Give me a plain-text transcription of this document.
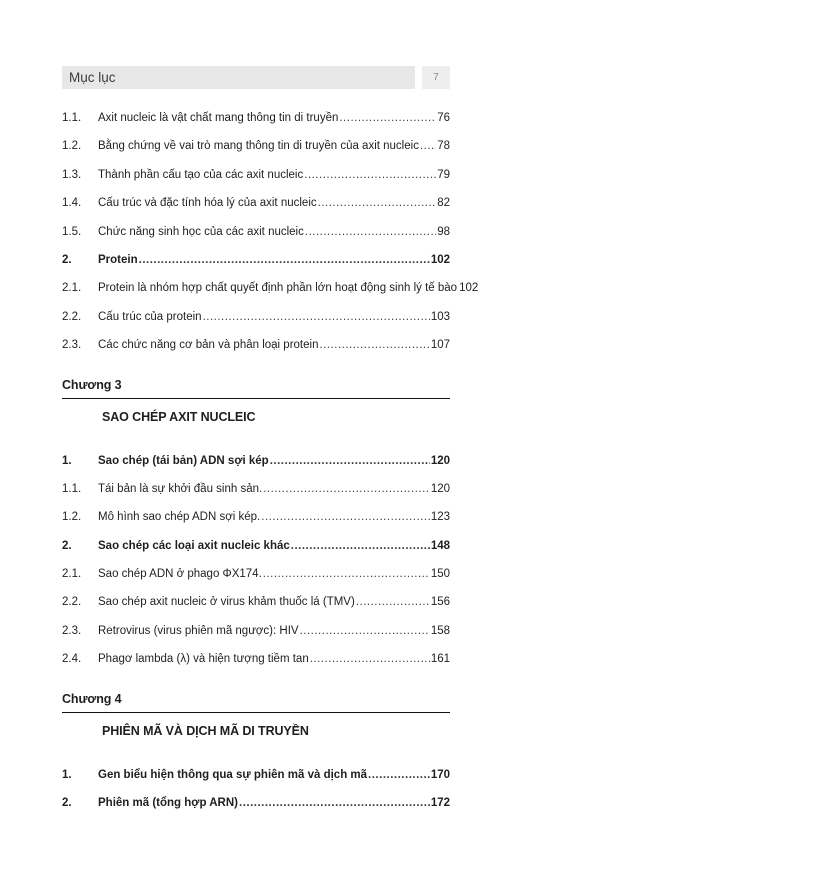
Mục lục	7
1.1.	Axit nucleic là vật chất mang thông tin di truyền .....	76
1.2.	Bằng chứng về vai trò mang thông tin di truyền của axit nucleic ..... 78
1.3.	Thành phần cấu tạo của các axit nucleic .....	79
1.4.	Cấu trúc và đặc tính hóa lý của axit nucleic .....	82
1.5.	Chức năng sinh học của các axit nucleic .....	98
2.	Protein .....	102
2.1.	Protein là nhóm hợp chất quyết định phần lớn hoạt động sinh lý tế bào 102
2.2.	Cấu trúc của protein .....	103
2.3.	Các chức năng cơ bản và phân loại protein .....	107
Chương 3
SAO CHÉP AXIT NUCLEIC
1.	Sao chép (tái bản) ADN sợi kép .....	120
1.1.	Tái bản là sự khởi đầu sinh sản. .....	120
1.2.	Mô hình sao chép ADN sợi kép. .....	123
2.	Sao chép các loại axit nucleic khác .....	148
2.1.	Sao chép ADN ở phago ΦX174. .....	150
2.2.	Sao chép axit nucleic ở virus khảm thuốc lá (TMV) .....	156
2.3.	Retrovirus (virus phiên mã ngược): HIV .....	158
2.4.	Phagơ lambda (λ) và hiện tượng tiềm tan .....	161
Chương 4
PHIÊN MÃ VÀ DỊCH MÃ DI TRUYỀN
1.	Gen biểu hiện thông qua sự phiên mã và dịch mã .....	170
2.	Phiên mã (tổng hợp ARN) .....	172
